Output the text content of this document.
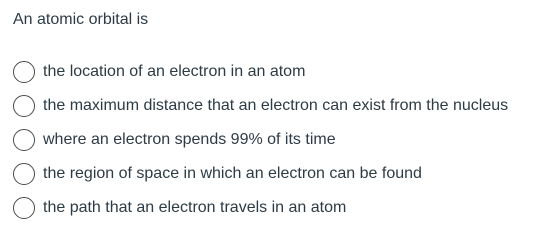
An atomic orbital is
the location of an electron in an atom
the maximum distance that an electron can exist from the nucleus
where an electron spends 99% of its time
the region of space in which an electron can be found
the path that an electron travels in an atom
